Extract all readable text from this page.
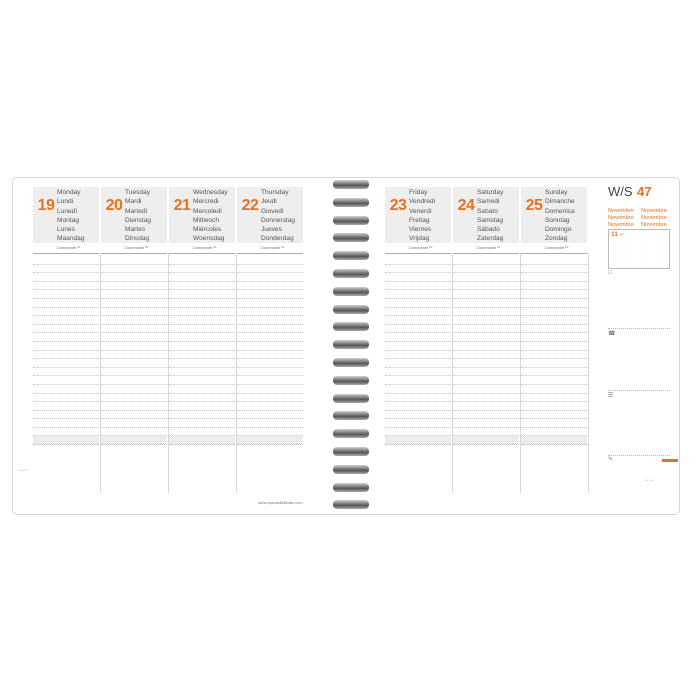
19
Monday
Lundi
Lunedì
Montag
Lunes
Maandag
Dominante™
20
Tuesday
Mardi
Martedì
Dienstag
Martes
Dinsdag
Dominante™
21
Wednesday
Mercredi
Mercoledì
Mittwoch
Miércoles
Woensdag
Dominante™
22
Thursday
Jeudi
Giovedì
Donnerstag
Jueves
Donderdag
Dominante™
www.quovadisfilofax.com
• • • • •
23
Friday
Vendredi
Venerdì
Freitag
Viernes
Vrijdag
Dominante™
24
Saturday
Samedi
Sabato
Samstag
Sábado
Zaterdag
Dominante™
25
Sunday
Dimanche
Domenica
Sonntag
Domingo
Zondag
Dominante™
W/S 47
Novembre Novembre
Novembre Novembre
Novembre Novembre
11 –
·	·	·	·	·	·	·	·
·	·	·	·	·	·	·	·
·	·	·	·	·	·	·	·
·	·	·	·	·	·	·	·
·	·	·	·	·	·	·	·
·	·	·	·	·	·	·	·
□
☎
☰
✎
• • • • •
